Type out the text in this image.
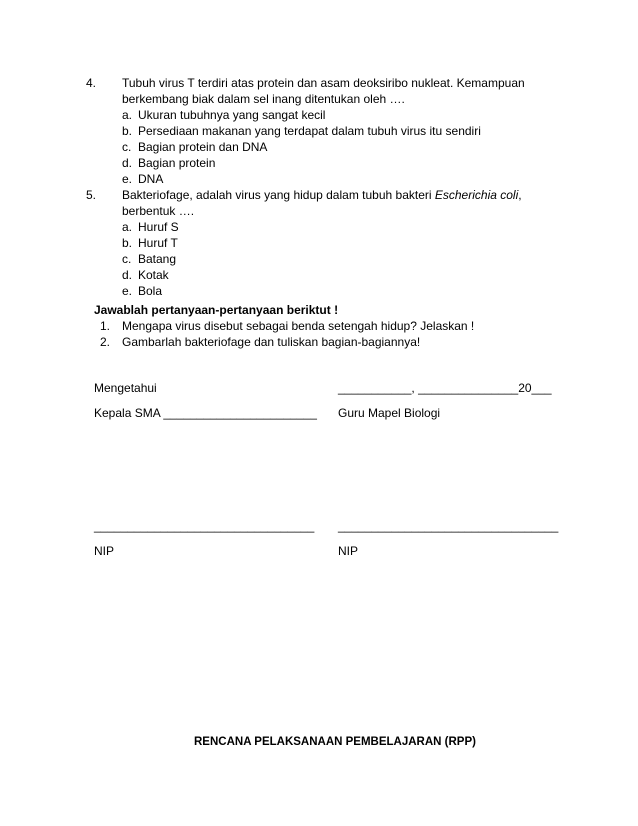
4. Tubuh virus T terdiri atas protein dan asam deoksiribo nukleat. Kemampuan
berkembang biak dalam sel inang ditentukan oleh ….
a. Ukuran tubuhnya yang sangat kecil
b. Persediaan makanan yang terdapat dalam tubuh virus itu sendiri
c. Bagian protein dan DNA
d. Bagian protein
e. DNA
5. Bakteriofage, adalah virus yang hidup dalam tubuh bakteri Escherichia coli,
berbentuk ….
a. Huruf S
b. Huruf T
c. Batang
d. Kotak
e. Bola
Jawablah pertanyaan-pertanyaan beriktut !
1. Mengapa virus disebut sebagai benda setengah hidup? Jelaskan !
2. Gambarlah bakteriofage dan tuliskan bagian-bagiannya!
Mengetahui
Kepala SMA _______________________
___________, _______________20___
Guru Mapel Biologi
_________________________________ _________________________________
NIP	NIP
RENCANA PELAKSANAAN PEMBELAJARAN (RPP)
